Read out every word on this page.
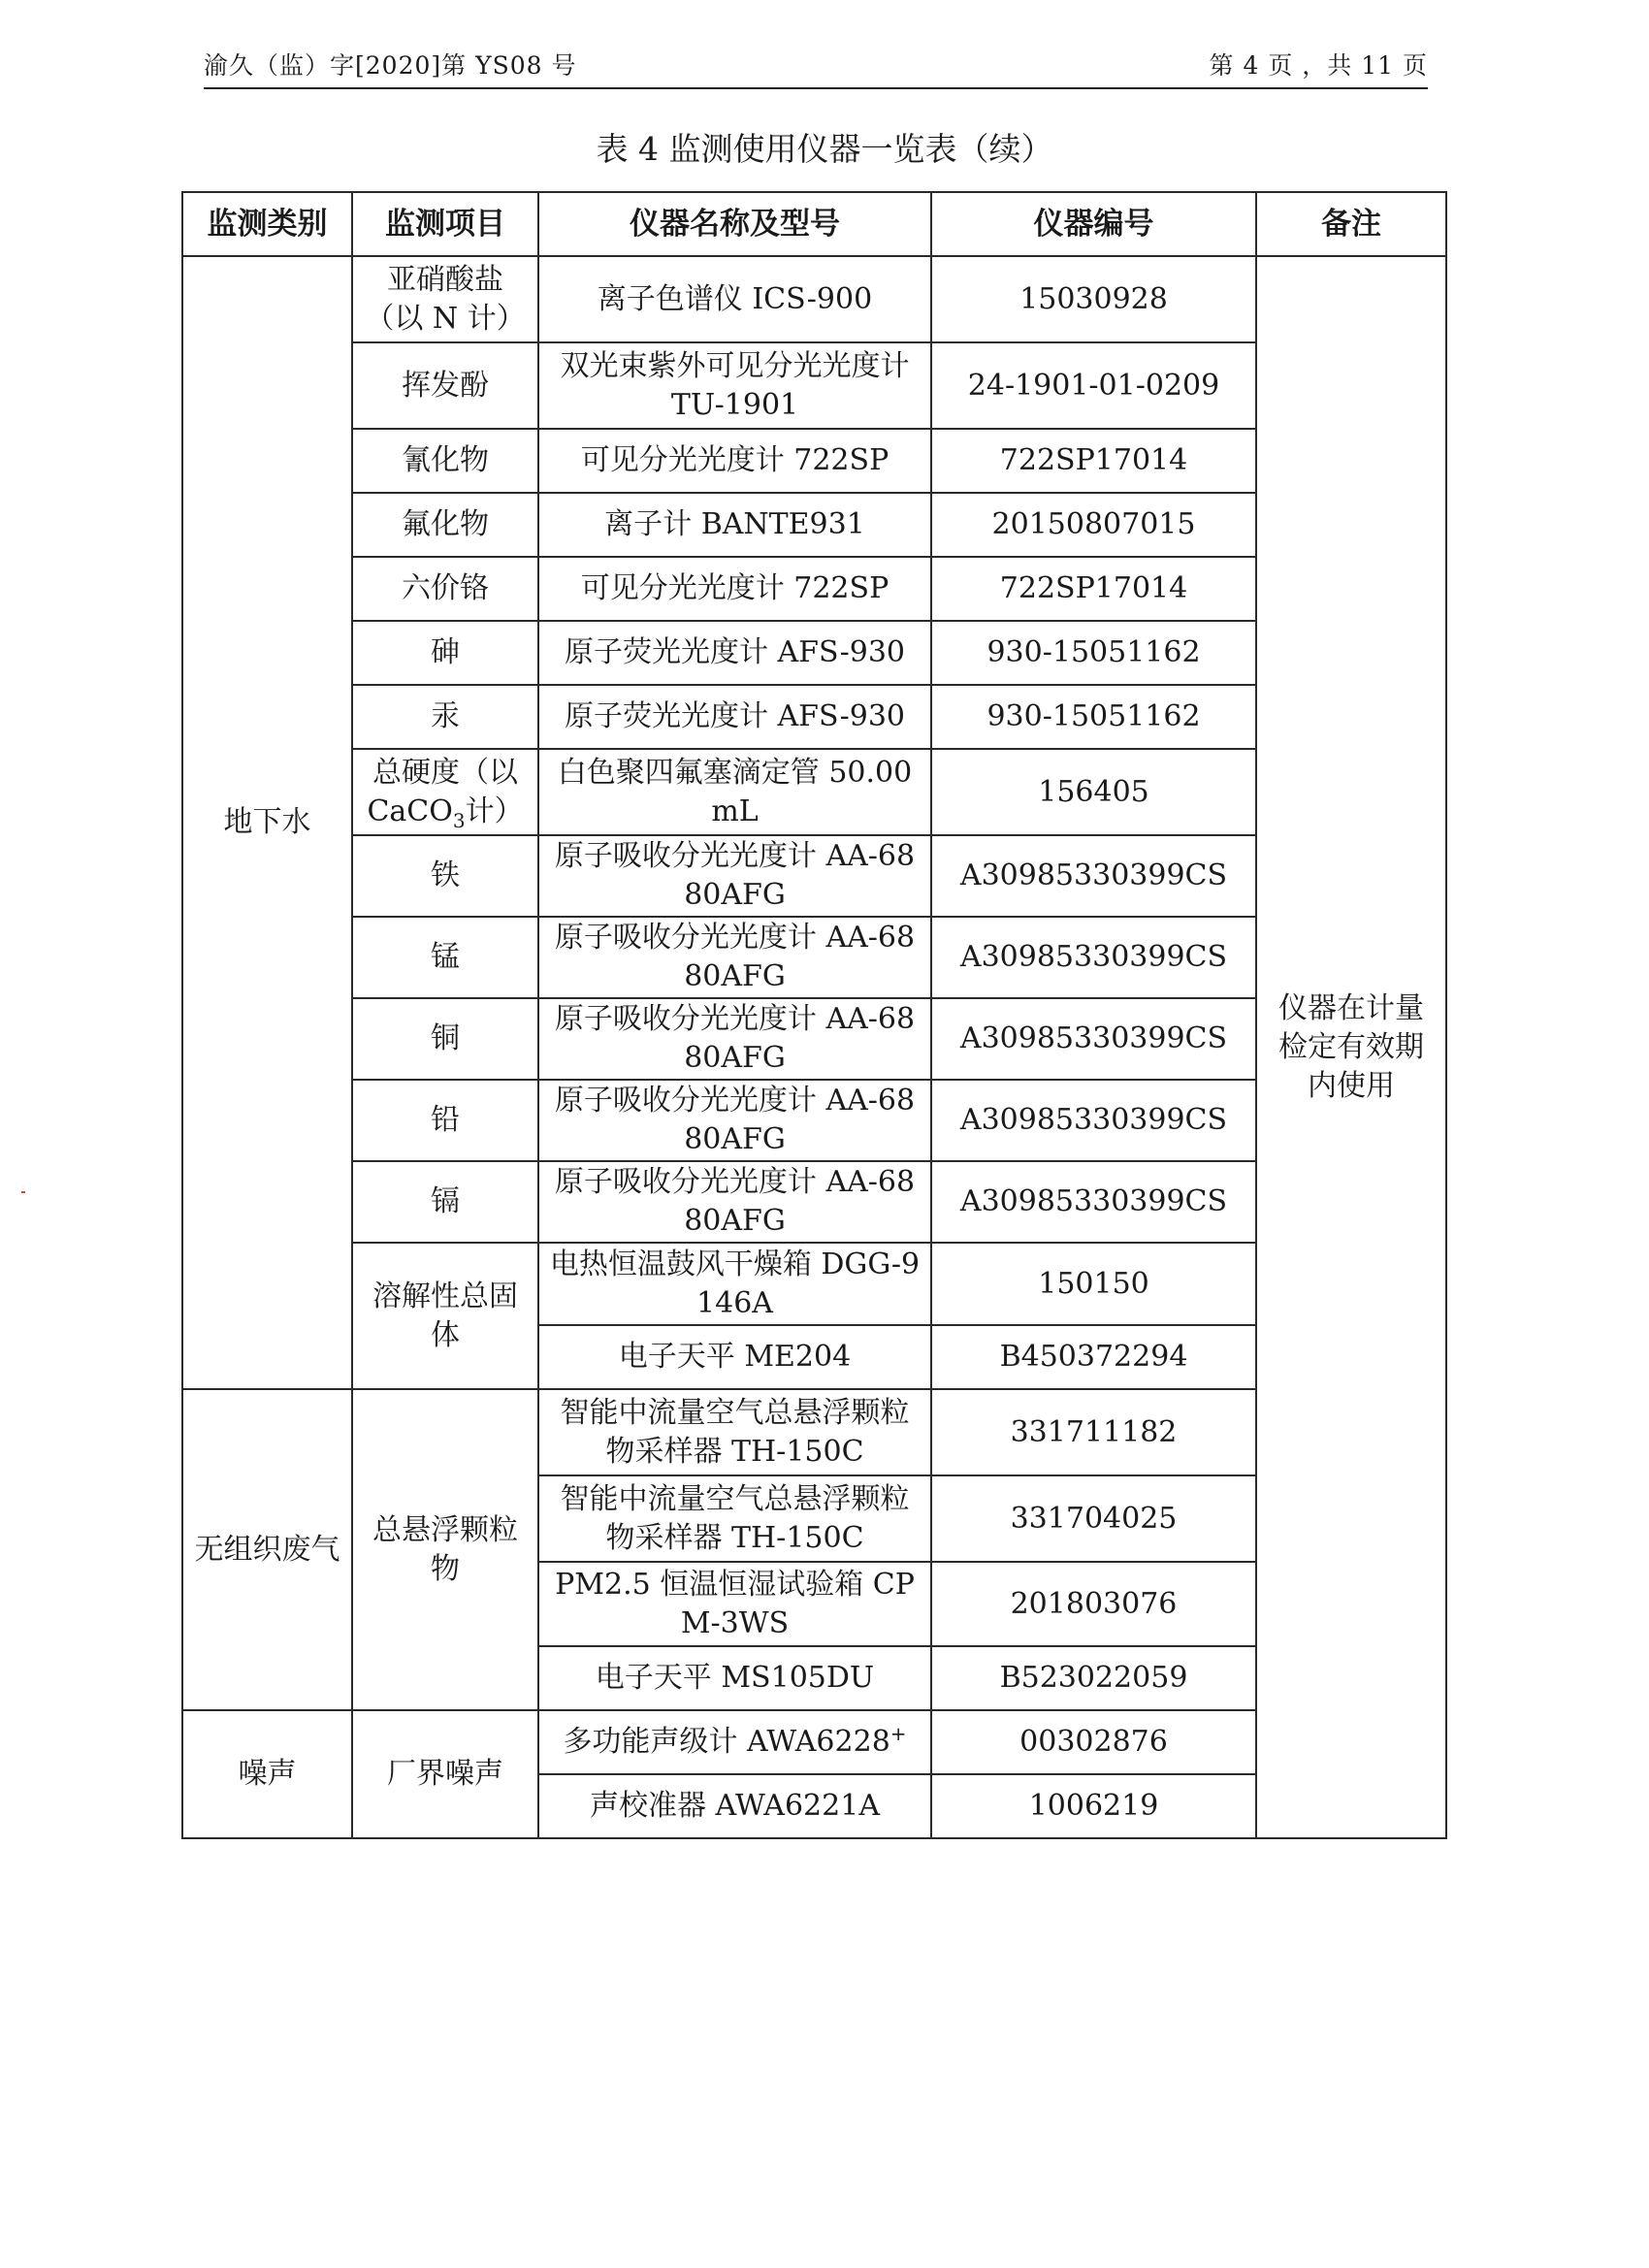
渝久（监）字[2020]第 YS08 号	第 4 页 ，共 11 页
表 4 监测使用仪器一览表（续）
监测类别	监测项目	仪器名称及型号	仪器编号	备注
地下水	亚硝酸盐（以 N 计）	离子色谱仪 ICS-900	15030928	仪器在计量检定有效期内使用
	挥发酚	双光束紫外可见分光光度计 TU-1901	24-1901-01-0209	
	氰化物	可见分光光度计 722SP	722SP17014	
	氟化物	离子计 BANTE931	20150807015	
	六价铬	可见分光光度计 722SP	722SP17014	
	砷	原子荧光光度计 AFS-930	930-15051162	
	汞	原子荧光光度计 AFS-930	930-15051162	
	总硬度（以 CaCO$_3$计）	白色聚四氟塞滴定管 50.00mL	156405	
	铁	原子吸收分光光度计 AA-6880AFG	A30985330399CS	
	锰	原子吸收分光光度计 AA-6880AFG	A30985330399CS	
	铜	原子吸收分光光度计 AA-6880AFG	A30985330399CS	
	铅	原子吸收分光光度计 AA-6880AFG	A30985330399CS	
	镉	原子吸收分光光度计 AA-6880AFG	A30985330399CS	
	溶解性总固体	电热恒温鼓风干燥箱 DGG-9146A	150150	
		电子天平 ME204	B450372294	
无组织废气	总悬浮颗粒物	智能中流量空气总悬浮颗粒物采样器 TH-150C	331711182	
		智能中流量空气总悬浮颗粒物采样器 TH-150C	331704025	
		PM2.5 恒温恒湿试验箱 CPM-3WS	201803076	
		电子天平 MS105DU	B523022059	
噪声	厂界噪声	多功能声级计 AWA6228+	00302876	
		声校准器 AWA6221A	1006219	
